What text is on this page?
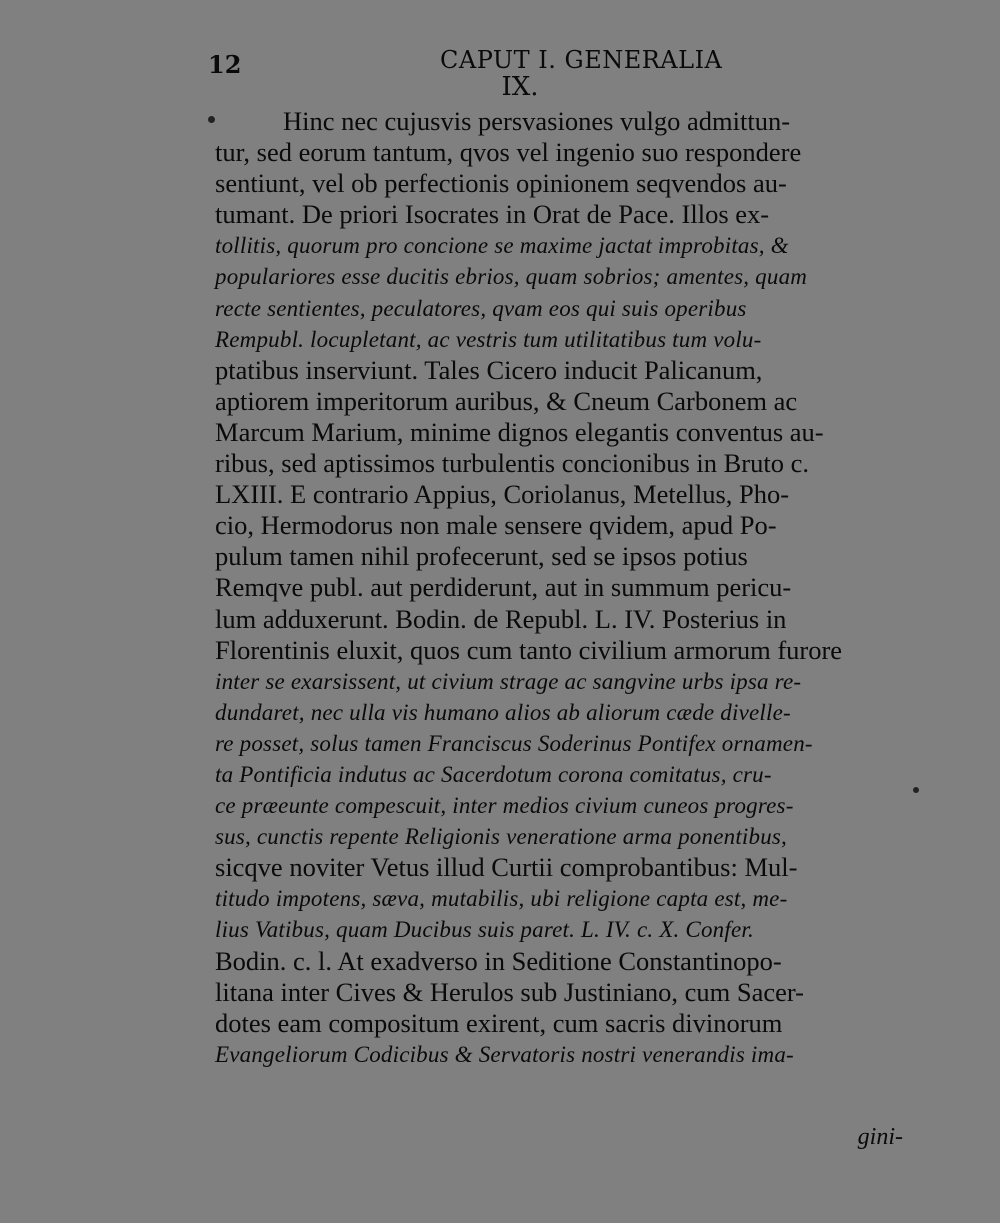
12	CAPUT I. GENERALIA
IX.
Hinc nec cujusvis persvasiones vulgo admittun-
tur, sed eorum tantum, qvos vel ingenio suo respondere
sentiunt, vel ob perfectionis opinionem seqvendos au-
tumant. De priori Isocrates in Orat de Pace. Illos ex-
tollitis, quorum pro concione se maxime jactat improbitas, &
populariores esse ducitis ebrios, quam sobrios; amentes, quam
recte sentientes, peculatores, qvam eos qui suis operibus
Rempubl. locupletant, ac vestris tum utilitatibus tum volu-
ptatibus inserviunt. Tales Cicero inducit Palicanum,
aptiorem imperitorum auribus, & Cneum Carbonem ac
Marcum Marium, minime dignos elegantis conventus au-
ribus, sed aptissimos turbulentis concionibus in Bruto c.
LXIII. E contrario Appius, Coriolanus, Metellus, Pho-
cio, Hermodorus non male sensere qvidem, apud Po-
pulum tamen nihil profecerunt, sed se ipsos potius
Remqve publ. aut perdiderunt, aut in summum pericu-
lum adduxerunt. Bodin. de Republ. L. IV. Posterius in
Florentinis eluxit, quos cum tanto civilium armorum furore
inter se exarsissent, ut civium strage ac sangvine urbs ipsa re-
dundaret, nec ulla vis humano alios ab aliorum cæde divelle-
re posset, solus tamen Franciscus Soderinus Pontifex ornamen-
ta Pontificia indutus ac Sacerdotum corona comitatus, cru-
ce præeunte compescuit, inter medios civium cuneos progres-
sus, cunctis repente Religionis veneratione arma ponentibus,
sicqve noviter Vetus illud Curtii comprobantibus: Mul-
titudo impotens, sæva, mutabilis, ubi religione capta est, me-
lius Vatibus, quam Ducibus suis paret. L. IV. c. X. Confer.
Bodin. c. l. At exadverso in Seditione Constantinopo-
litana inter Cives & Herulos sub Justiniano, cum Sacer-
dotes eam compositum exirent, cum sacris divinorum
Evangeliorum Codicibus & Servatoris nostri venerandis ima-
gini-
